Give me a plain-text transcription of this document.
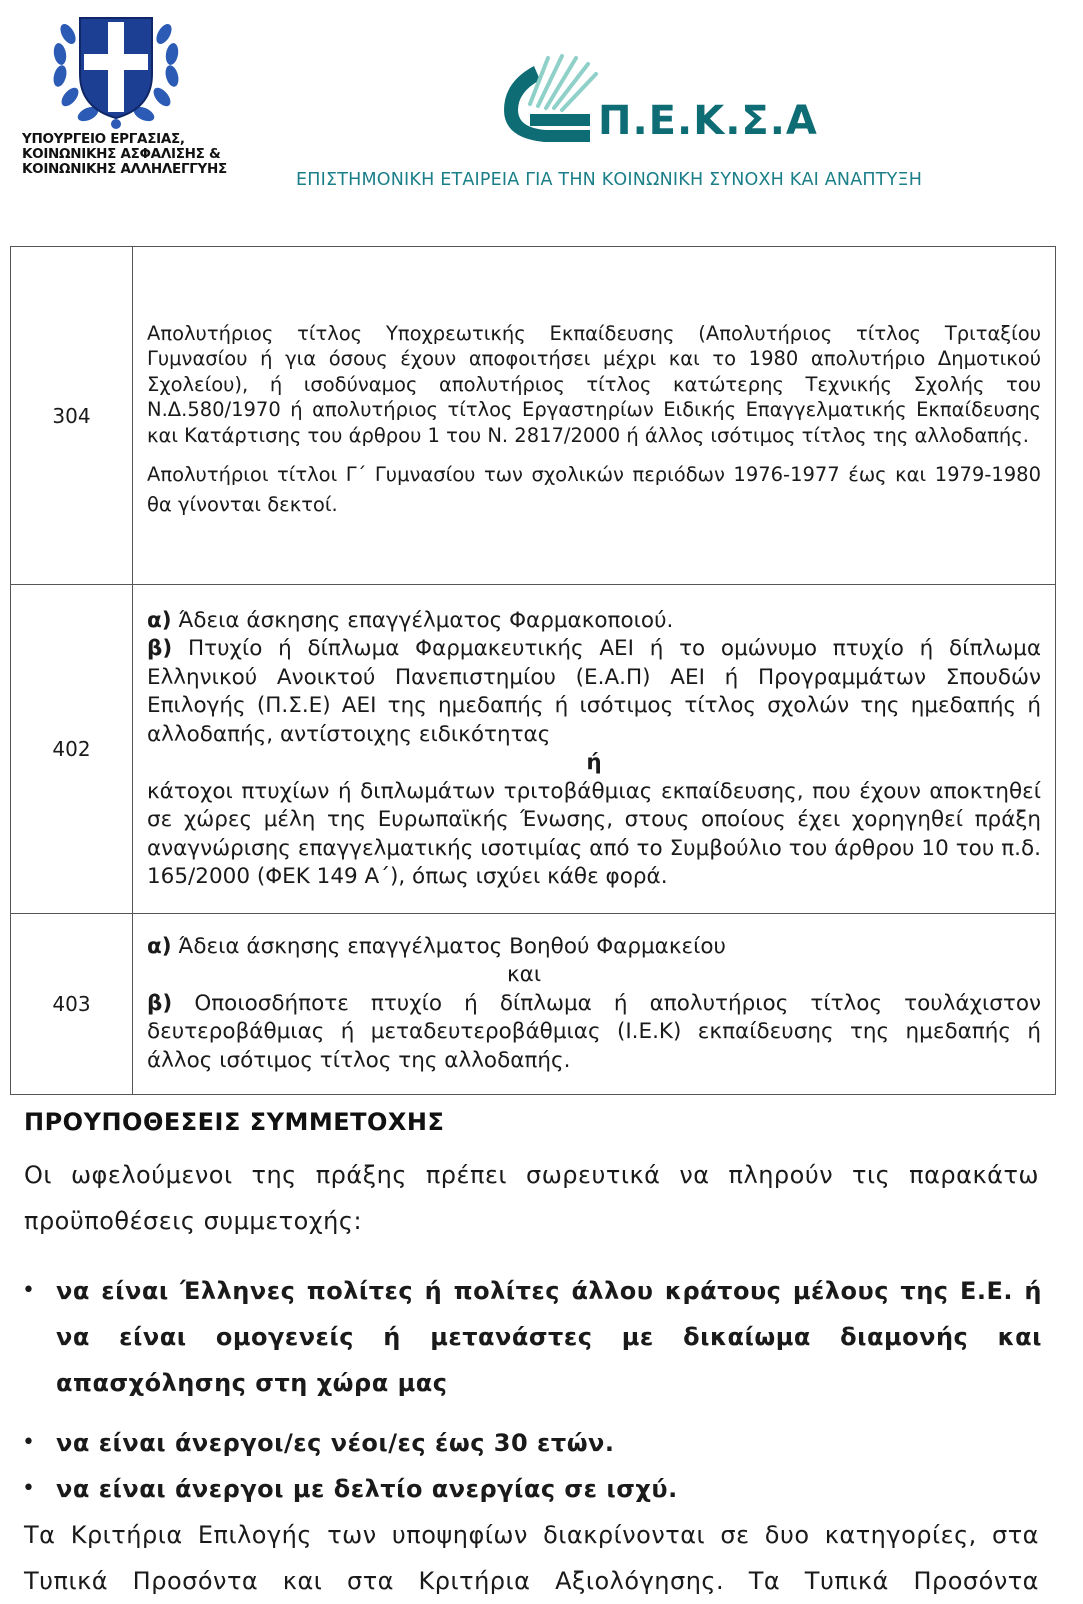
ΥΠΟΥΡΓΕΙΟ ΕΡΓΑΣΙΑΣ,
ΚΟΙΝΩΝΙΚΗΣ ΑΣΦΑΛΙΣΗΣ &
ΚΟΙΝΩΝΙΚΗΣ ΑΛΛΗΛΕΓΓΥΗΣ
Π.Ε.Κ.Σ.Α
ΕΠΙΣΤΗΜΟΝΙΚΗ ΕΤΑΙΡΕΙΑ ΓΙΑ ΤΗΝ ΚΟΙΝΩΝΙΚΗ ΣΥΝΟΧΗ ΚΑΙ ΑΝΑΠΤΥΞΗ
304	Απολυτήριος τίτλος Υποχρεωτικής Εκπαίδευσης (Απολυτήριος τίτλος Τριταξίου Γυμνασίου ή για όσους έχουν αποφοιτήσει μέχρι και το 1980 απολυτήριο Δημοτικού Σχολείου), ή ισοδύναμος απολυτήριος τίτλος κατώτερης Τεχνικής Σχολής του Ν.Δ.580/1970 ή απολυτήριος τίτλος Εργαστηρίων Ειδικής Επαγγελματικής Εκπαίδευσης και Κατάρτισης του άρθρου 1 του Ν. 2817/2000 ή άλλος ισότιμος τίτλος της αλλοδαπής.
Απολυτήριοι τίτλοι Γ΄ Γυμνασίου των σχολικών περιόδων 1976-1977 έως και 1979-1980 θα γίνονται δεκτοί.

402	α) Άδεια άσκησης επαγγέλματος Φαρμακοποιού.
β) Πτυχίο ή δίπλωμα Φαρμακευτικής ΑΕΙ ή το ομώνυμο πτυχίο ή δίπλωμα Ελληνικού Ανοικτού Πανεπιστημίου (Ε.Α.Π) ΑΕΙ ή Προγραμμάτων Σπουδών Επιλογής (Π.Σ.Ε) ΑΕΙ της ημεδαπής ή ισότιμος τίτλος σχολών της ημεδαπής ή αλλοδαπής, αντίστοιχης ειδικότητας
ή
κάτοχοι πτυχίων ή διπλωμάτων τριτοβάθμιας εκπαίδευσης, που έχουν αποκτηθεί σε χώρες μέλη της Ευρωπαϊκής Ένωσης, στους οποίους έχει χορηγηθεί πράξη αναγνώρισης επαγγελματικής ισοτιμίας από το Συμβούλιο του άρθρου 10 του π.δ. 165/2000 (ΦΕΚ 149 Α΄), όπως ισχύει κάθε φορά.

403	α) Άδεια άσκησης επαγγέλματος Βοηθού Φαρμακείου
και
β) Οποιοσδήποτε πτυχίο ή δίπλωμα ή απολυτήριος τίτλος τουλάχιστον δευτεροβάθμιας ή μεταδευτεροβάθμιας (Ι.Ε.Κ) εκπαίδευσης της ημεδαπής ή άλλος ισότιμος τίτλος της αλλοδαπής.
ΠΡΟΥΠΟΘΕΣΕΙΣ ΣΥΜΜΕΤΟΧΗΣ
Οι ωφελούμενοι της πράξης πρέπει σωρευτικά να πληρούν τις παρακάτω προϋποθέσεις συμμετοχής:
• να είναι Έλληνες πολίτες ή πολίτες άλλου κράτους μέλους της Ε.Ε. ή να είναι ομογενείς ή μετανάστες με δικαίωμα διαμονής και απασχόλησης στη χώρα μας
• να είναι άνεργοι/ες νέοι/ες έως 30 ετών.
• να είναι άνεργοι με δελτίο ανεργίας σε ισχύ.
Τα Κριτήρια Επιλογής των υποψηφίων διακρίνονται σε δυο κατηγορίες, στα Τυπικά Προσόντα και στα Κριτήρια Αξιολόγησης. Τα Τυπικά Προσόντα
